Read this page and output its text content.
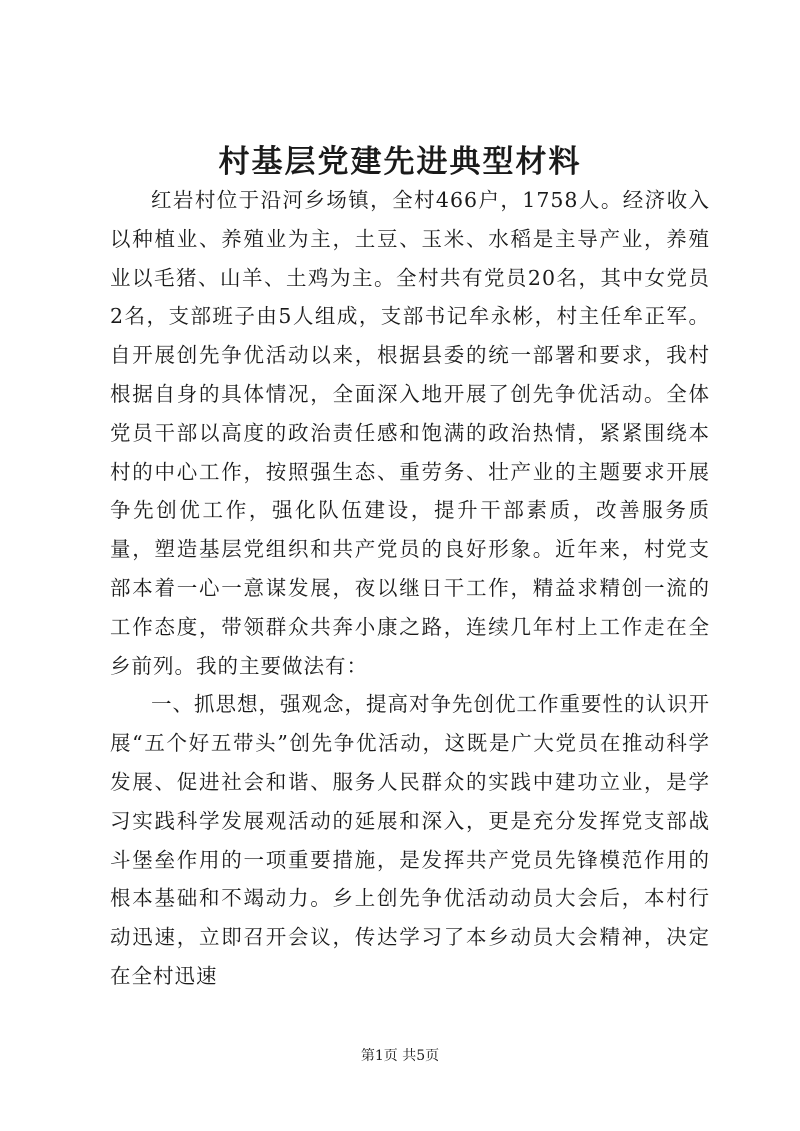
村基层党建先进典型材料

红岩村位于沿河乡场镇，全村466户，1758人。经济收入以种植业、养殖业为主，土豆、玉米、水稻是主导产业，养殖业以毛猪、山羊、土鸡为主。全村共有党员20名，其中女党员2名，支部班子由5人组成，支部书记牟永彬，村主任牟正军。自开展创先争优活动以来，根据县委的统一部署和要求，我村根据自身的具体情况，全面深入地开展了创先争优活动。全体党员干部以高度的政治责任感和饱满的政治热情，紧紧围绕本村的中心工作，按照强生态、重劳务、壮产业的主题要求开展争先创优工作，强化队伍建设，提升干部素质，改善服务质量，塑造基层党组织和共产党员的良好形象。近年来，村党支部本着一心一意谋发展，夜以继日干工作，精益求精创一流的工作态度，带领群众共奔小康之路，连续几年村上工作走在全乡前列。我的主要做法有：

一、抓思想，强观念，提高对争先创优工作重要性的认识开展“五个好五带头”创先争优活动，这既是广大党员在推动科学发展、促进社会和谐、服务人民群众的实践中建功立业，是学习实践科学发展观活动的延展和深入，更是充分发挥党支部战斗堡垒作用的一项重要措施，是发挥共产党员先锋模范作用的根本基础和不竭动力。乡上创先争优活动动员大会后，本村行动迅速，立即召开会议，传达学习了本乡动员大会精神，决定在全村迅速

第1页 共5页
